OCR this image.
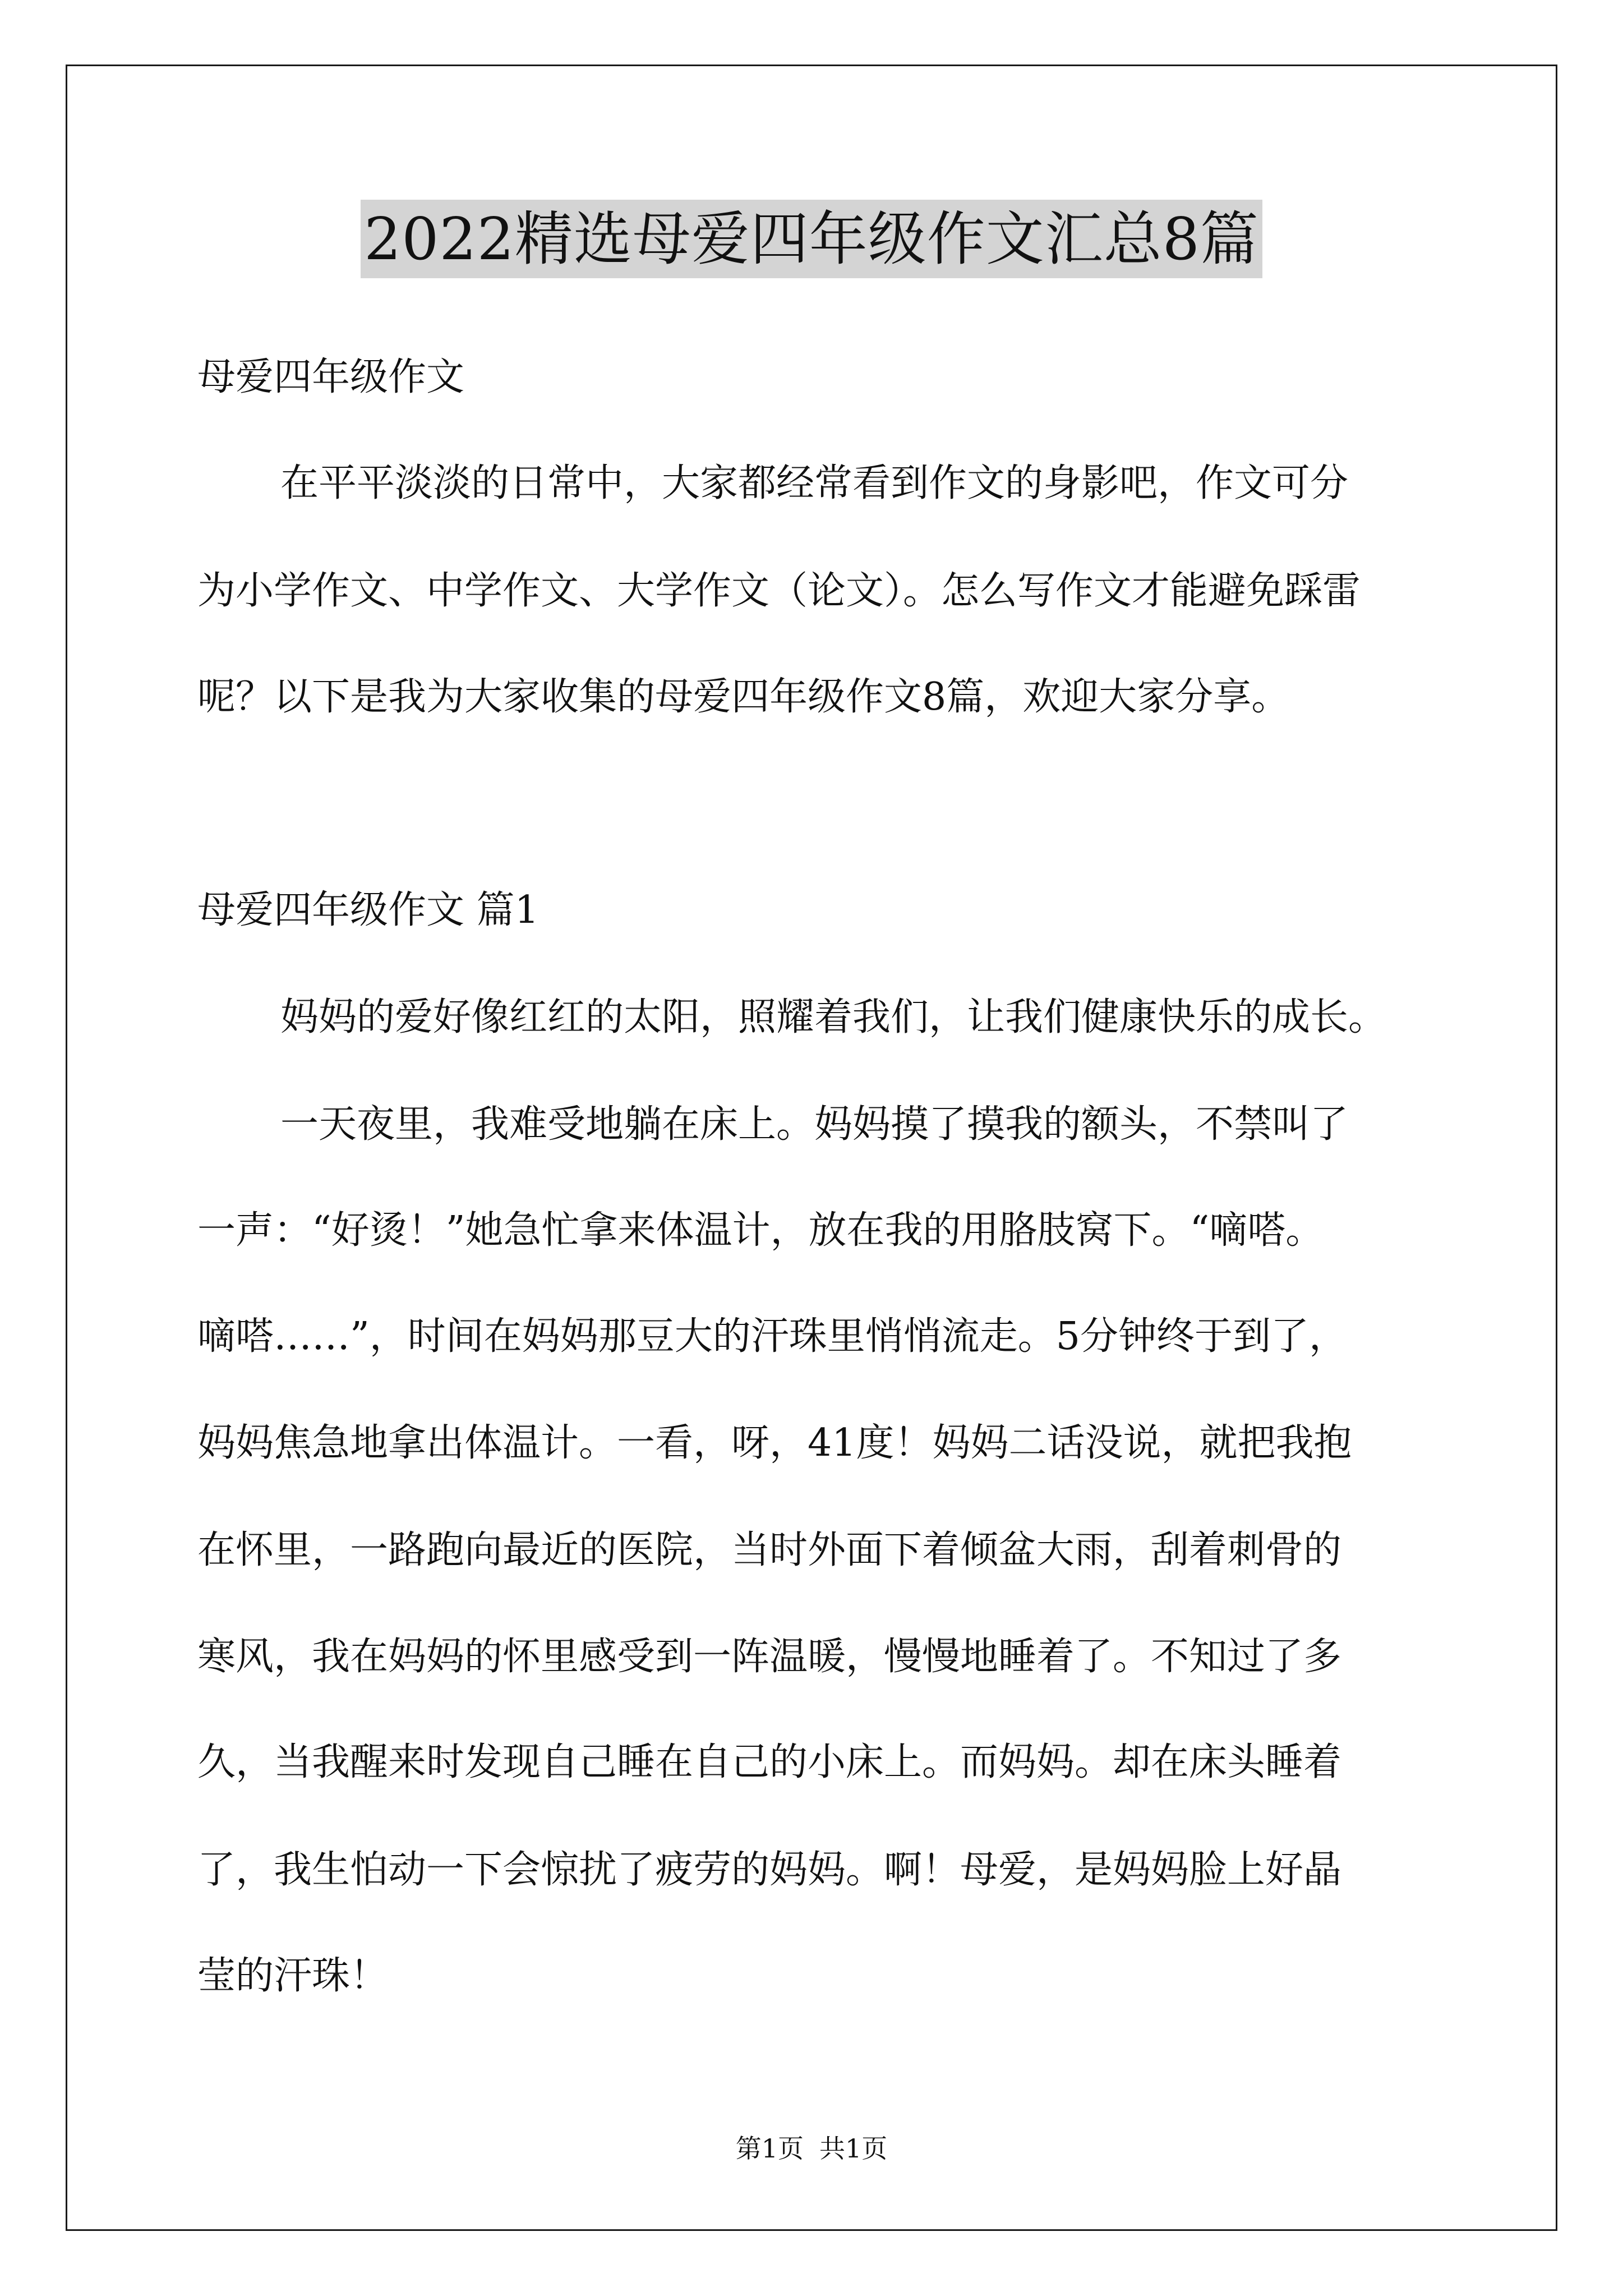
2022精选母爱四年级作文汇总8篇
母爱四年级作文
在平平淡淡的日常中，大家都经常看到作文的身影吧，作文可分
为小学作文、中学作文、大学作文（论文）。怎么写作文才能避免踩雷
呢？以下是我为大家收集的母爱四年级作文8篇，欢迎大家分享。
母爱四年级作文 篇1
妈妈的爱好像红红的太阳，照耀着我们，让我们健康快乐的成长。
一天夜里，我难受地躺在床上。妈妈摸了摸我的额头，不禁叫了
一声：“好烫！”她急忙拿来体温计，放在我的用胳肢窝下。“嘀嗒。
嘀嗒……”，时间在妈妈那豆大的汗珠里悄悄流走。5分钟终于到了，
妈妈焦急地拿出体温计。一看，呀，41度！妈妈二话没说，就把我抱
在怀里，一路跑向最近的医院，当时外面下着倾盆大雨，刮着刺骨的
寒风，我在妈妈的怀里感受到一阵温暖，慢慢地睡着了。不知过了多
久，当我醒来时发现自己睡在自己的小床上。而妈妈。却在床头睡着
了，我生怕动一下会惊扰了疲劳的妈妈。啊！母爱，是妈妈脸上好晶
莹的汗珠！
第1页 共1页
